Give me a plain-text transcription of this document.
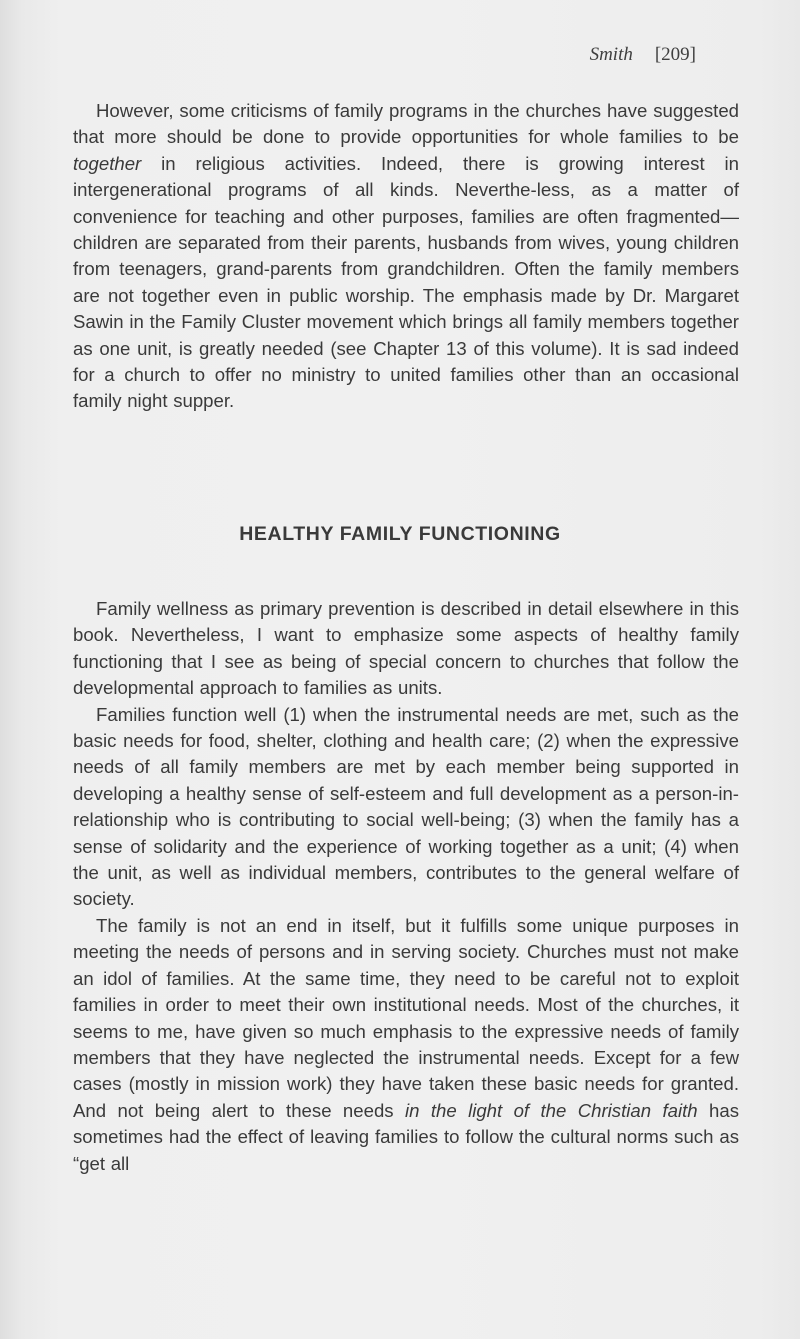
Smith [209]

However, some criticisms of family programs in the churches have suggested that more should be done to provide opportunities for whole families to be together in religious activities. Indeed, there is growing interest in intergenerational programs of all kinds. Neverthe-less, as a matter of convenience for teaching and other purposes, families are often fragmented—children are separated from their parents, husbands from wives, young children from teenagers, grand-parents from grandchildren. Often the family members are not together even in public worship. The emphasis made by Dr. Margaret Sawin in the Family Cluster movement which brings all family members together as one unit, is greatly needed (see Chapter 13 of this volume). It is sad indeed for a church to offer no ministry to united families other than an occasional family night supper.

HEALTHY FAMILY FUNCTIONING

Family wellness as primary prevention is described in detail elsewhere in this book. Nevertheless, I want to emphasize some aspects of healthy family functioning that I see as being of special concern to churches that follow the developmental approach to families as units.

Families function well (1) when the instrumental needs are met, such as the basic needs for food, shelter, clothing and health care; (2) when the expressive needs of all family members are met by each member being supported in developing a healthy sense of self-esteem and full development as a person-in-relationship who is contributing to social well-being; (3) when the family has a sense of solidarity and the experience of working together as a unit; (4) when the unit, as well as individual members, contributes to the general welfare of society.

The family is not an end in itself, but it fulfills some unique purposes in meeting the needs of persons and in serving society. Churches must not make an idol of families. At the same time, they need to be careful not to exploit families in order to meet their own institutional needs. Most of the churches, it seems to me, have given so much emphasis to the expressive needs of family members that they have neglected the instrumental needs. Except for a few cases (mostly in mission work) they have taken these basic needs for granted. And not being alert to these needs in the light of the Christian faith has sometimes had the effect of leaving families to follow the cultural norms such as “get all
